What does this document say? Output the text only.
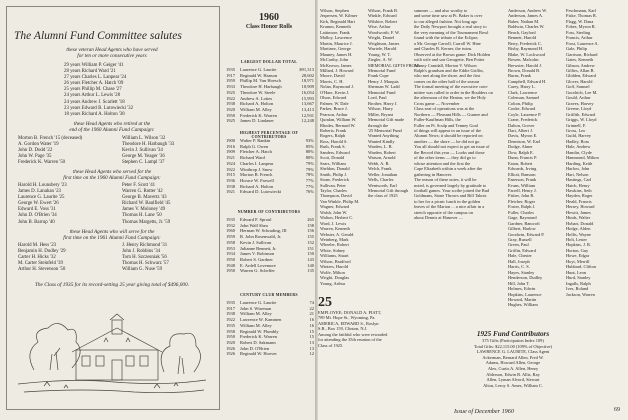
The Alumni Fund Committee salutes
these veteran Head Agents who have served
for ten or more consecutive years
29 years William P. Geiger '41
28 years Richard Ward '21
27 years Charles L. Lanpear '24
26 years Fletcher A. Hatch '09
25 years Phillip M. Chase '27
24 years Arthur L. Lewis '28
24 years Andrew J. Scarlett '18
23 years Edward B. Lutowiecki '32
18 years Richard A. Holton '38
these Head Agents who retired at the
end of the 1960 Alumni Fund Campaign:
Morton B. French '15 (deceased)
A. Gordon Water '19
John D. Dodd '22
John W. Page '35
Frederick K. Warren '50
William L. Wilson '32
Theodore H. Harbaugh '33
Kevin J. Sullivan '34
George M. Yeager '36
Stephen C. Lampl '37
these Head Agents who served for the
first time on the 1960 Alumni Fund Campaign:
Harold H. Lounsbery '23
James D. Lanahan '23
Laurence G. Laurite '25
George W. Ewert '26
Edward E. Voss '31
John D. O'Brien '34
John B. Barrup '40
Peter F. Scott '41
Warren G. Rotter '42
George B. Mavertz '43
Richard W. Baulfield '45
James V. Moloney '49
Thomas H. Lane '50
Thomas Margetts, Jr. '59
these Head Agents who will serve for the
first time on the 1961 Alumni Fund Campaign:
Harold M. Hess '23
Benjamin H. Dudley '29
Carter H. Hicks '32
M. Carter Steinfeld '39
Arthur H. Stevenson '50
J. Henry Richmond '31
John J. Robbins '34
Tom H. Szczesniak '56
Thomas H. Schwarz '57
William G. Nuse '59
The Class of 1935 for its record-setting 25 year giving total of $496,000.
1960
Class Honor Rolls
LARGEST DOLLAR TOTAL
1935	Laurence G. Laurite	$91,313
1917	Reginald W. Hanson	28,602
1959	Phillip M. Van Hoesch	18,971
1933	Theodore H. Harbaugh	18,909
1925	Theodore W. Steele	16,054
1922	Andrew A. Lottes	15,993
1938	Richard A. Holton	13,667
1920	William M. Alley	13,413
1950	Frederick K. Warren	12,931
1925	James D. Lindauer	12,248
HIGHEST PERCENTAGE OF CONTRIBUTORS
1900	Walter P. Rankin	93%
1916	Ralph G. Owen	85%
1909	Fletcher A. Hatch	80%
1921	Richard Ward	80%
1924	Charles I. Lanpear	79%
1922	Winthrop J. Snow	79%
1915	Morton B. French	78%
1936	Horace W. Farwell	77%
1938	Richard A. Holton	77%
1921	Edward D. Lutowiecki	76%
NUMBER OF CONTRIBUTORS
1935	Edward F. Sproul	265
1932	John Wall Shea	158
1960	Herman W. Schrading, III	156
1959	R. John Rosenwald, Jr.	155
1958	Kevin J. Sullivan	152
1953	Julianne Bennett, Jr.	151
1934	James V. Robinson	150
1950	Robert S. Gardner	143
1948	E. Ardell Lovemore	140
1950	Warren G. Scheffer	135
CENTURY CLUB MEMBERS
1935	Laurence G. Laurite	74
1917	John S. Wiseman	22
1938	William M. Alley	21
1922	Lawrence W. Kammen	16
1935	William M. Alley	16
1958	Reginald W. Plumbly	15
1950	Frederick K. Warren	15
1920	Robert D. Sakmann	13
1926	John D. O'Brien	13
1926	Reginald W. Hoover	12
Wilson, Stephen
Jespersen, W. Kilmer
Kirk, Reginald Hart
Krumm, Kenneth
Lattimore, Frank
Malloy, Lawrence
Martin, Maurice J.
Martinez, George
Mauney, James H.
McCarthy, John
McKeown, James
Millard, J. Howard
Moore, David
Morris, C. H.
Nolan, Raymond J.
O'Hare, Kevin J.
Olson, Edward
Palmer, W. Dale
Parker, Bruce J.
Pearson, Arthur
Quinlan, William W.
Rhodes, Bernard W.
Roberts, Frank
Rogers, Ralph
Ross, Harold S.
Ruth, Frank S.
Sanders, Edward
Scott, Donald
Sears, William
Sheldon, Donald
Smith, Philip J.
Stone, Frederick
Sullivan, Peter
Taylor, Charles
Thompson, David
Van Winkle, Philip M.
Wagner, Edward
Walsh, John W.
Walton, Herbert C.
Ward, J. Lewis
Warren, Kenneth
Webster, A. Gerald
Weinberg, Mark
Wheeler, Robert
White, Sidney
Williams, Stuart
Wilson, Bradford
Winters, Harold
Wolfe, Milton
Wright, Douglas
Young, Arthur
Wilson, Frank B.
Winkle, Edward
Wilshire, Robert
Wise, Arthur
Woodworth, F. W.
Wright, Daniel
Wrightson, James
Wurtele, Harold
Young, W. T.
Ziegler, A. W.
MEMORIAL GIFTS FROM:
Memorial Fund
Frank Cope
Henry J. Marquis
Sherman W. Ladd
Memorial Fund
Lord, Paul
Brother, Harry J.
Wilson, Harry
Miller, Bryant
Memorial Gift made
through the
'25 Memorial Fund
Wanted Anything
Wanted Kindly
Warden, L. B.
Warden, Robert
Watson, Arnold
Webb, A. R.
Welch, Frank
Weller, Jonathan
Wells, Charles
Wentworth, Earl
Memorial Gift through
the class of 1925
25
EMPLOYEE; DONALD A. PIATT,
789 Mt. Hope St., Wyoming, Pa.
AMERICA, EDWARD S., Roslyn
S.B., Box 159, Clinton, N.J.
Among the faithful who were rewarded
for attending the 35th reunion of the
Class of 1925.
summer — and also worthy to
and some time saw at Pt. Baker is over
to our alleged fashion. Not long ago
the Daily Newport brought a real story to
the very meaning of the Tournament Bowl
found with the tribute of the Eclipse,
a Mr. George Carroll, Carroll W. Hine
and Charles B. Kerner, the twins.
Observed at the Brown game: Dick Holden
with wife and son Georgette, Ben Potter
Johnny Crandall, Morton V. Wilson
Ralph's grandson and the Eddie Griffin,
who met along the shore, and the first
comes on the other half of the season
The formal meeting of the executive com-
mittee was called to order in the Boulders on
the afternoon of the Heaton, we the Holy
Cross game — November
Class seat of operations was at the
Northern — Pleasant Hills — Gurnee and
Fuller-Kauffman Hills, the
Fuller on Pt. Sculp and Tenney Goal
of things will appear in an issue of the
Alumni News; it should be reported on
another — the shore — he did not go.
You all should not expect to get an issue of
the Record this year — Looks and those
of the other items — they did go to
whose attention and the first the
Cape Elizabeth within a week after the
gathering in Hanover.
The reason of these notes, it will be
noted, is governed largely by gratitude to
football games. Your scribe joined the Bud
Goldmans, Stone Throws and Bill Tabots
to her for a picnic lunch in the golden
leaves of the Marion ... a nice affair in a
stretch opposite of the campus on
about Dennis at Hanover ....
Anderson, Andrew W.
Anderson, James A.
Baker, Nathan M.
Baldwin, Charles W.
Beach, Gaylord
Bennett, Harold
Berry, Frederick C.
Bixby, Raymond H.
Blake, W. Lockwood
Bowen, Malcolm
Brewster, Harold J.
Brown, Donald B.
Burns, Frank
Campbell, Edward H.
Carey, Harry L.
Clark, Lawrence
Coleman, Samuel
Colton, Philip
Cooke, Edward
Coyle, Laurence P.
Crane, Frederick
Dalton, Grover
Dart, Albert J.
Davis, Myron E.
Dennison, W. Earl
Dodge, Abner
Dow, Ralph E.
Dunn, Francis P.
Eaton, Robert
Edwards, Irving
Elliott, Ransom
Emerson, Frank
Evans, William
Farrell, Henry J.
Fisher, John R.
Fletcher, Roger
Foster, Ralph J.
Fuller, Charles
Gage, Raymond
Gardner, Bancroft
Gilbert, Harlow
Goodwin, Edward P.
Gray, Russell
Green, Paul
Griffin, Edward
Hale, Chester
Hall, Joseph
Harris, C. S.
Hayes, Stanley
Henderson, Dudley
Hill, John T.
Holmes, Edwin
Hopkins, Laurence
Howard, Martin
Hughes, William
Feschmann, Karl
Fiske, Thomas R.
Flagg, W. Dana
Fobes, Myron R.
Foss, Sterling
Francis, Arthur
Frost, Laurence A.
Gale, Philip
Garrison, Richard
Gates, Kenneth
Gibson, Andrew
Gillies, Allan B.
Glidden, Edward
Glover, Harold
Goff, Samuel
Goodrich, Lee M.
Gould, Arthur
Graves, Harvey
Greene, Lloyd
Griffith, Edward
Griggs, W. Lloyd
Grinnell, F.
Gross, Leo
Guild, Harvey
Hadley, Ross
Hale, Andrew
Hamlin, Clyde
Hammond, Milton
Harding, Keith
Harlow, John
Hart, Nelson
Hastings, Carl
Hatch, Henry
Hawkins, Seth
Hayden, Roger
Heald, Francis
Hersey, Howard
Hewitt, James
Hinds, Walter
Hobart, Donald
Hodge, Alden
Hollis, Wayne
Holt, Lester
Hopkins, J. R.
Horton, Guy
Howe, Edgar
Hoyt, Merrill
Hubbard, Clifton
Hunt, Leon
Hurd, Stanley
Ingalls, Ralph
Ives, Roland
Jackson, Warren
1925 Fund Contributors
375 Gifts (Participation Index 109)
Total Gifts: $22,115.00 (109% of Objective)
LAWRENCE G. LAURITE, Class Agent
Ackerman, Bernard Allen, Fred W.
Adams, Howard Allen, George
Alex, Curtis A. Allen, Henry
Alderson, Edwin B. Allis, Ray
Allen, Lyman Alvord, Stewart
Alton, Leroy S. Ames, William C.
Issue of December 1960	69
